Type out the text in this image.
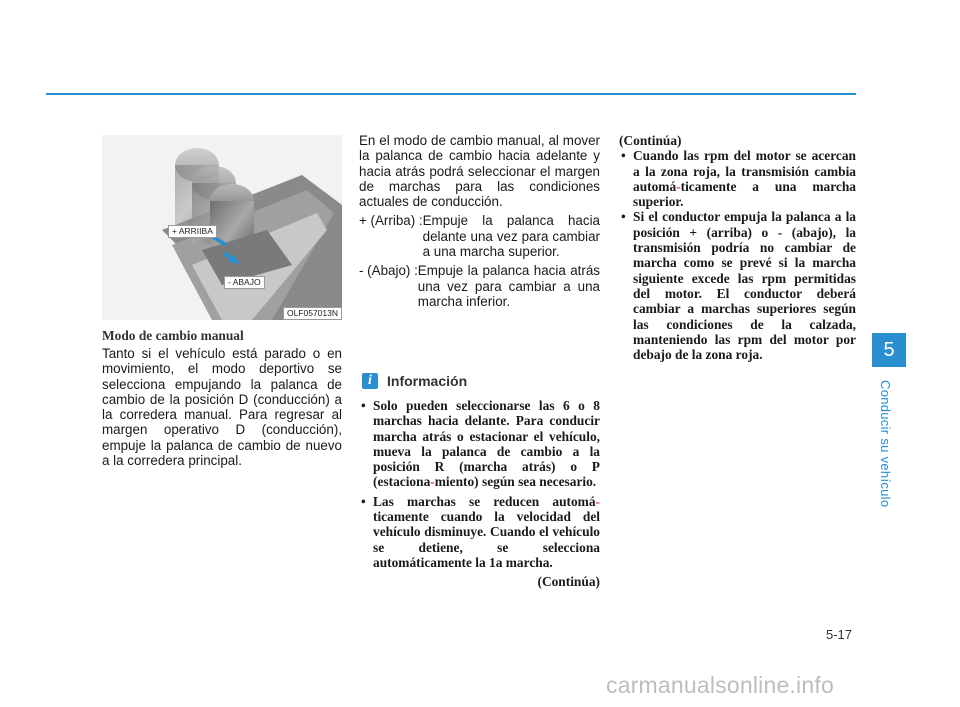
+ ARRIIBA
- ABAJO
OLF057013N
Modo de cambio manual
Tanto si el vehículo está parado o en movimiento, el modo deportivo se selecciona empujando la palanca de cambio de la posición D (conducción) a la corredera manual. Para regresar al margen operativo D (conducción), empuje la palanca de cambio de nuevo a la corredera principal.
En el modo de cambio manual, al mover la palanca de cambio hacia adelante y hacia atrás podrá seleccionar el margen de marchas para las condiciones actuales de conducción.
+ (Arriba) : Empuje la palanca hacia delante una vez para cambiar a una marcha superior.
- (Abajo) : Empuje la palanca hacia atrás una vez para cambiar a una marcha inferior.
i	Información
• Solo pueden seleccionarse las 6 o 8 marchas hacia delante. Para conducir marcha atrás o estacionar el vehículo, mueva la palanca de cambio a la posición R (marcha atrás) o P (estaciona-miento) según sea necesario.
• Las marchas se reducen automá-ticamente cuando la velocidad del vehículo disminuye. Cuando el vehículo se detiene, se selecciona automáticamente la 1a marcha.
(Continúa)
(Continúa)
• Cuando las rpm del motor se acercan a la zona roja, la transmisión cambia automá-ticamente a una marcha superior.
• Si el conductor empuja la palanca a la posición + (arriba) o - (abajo), la transmisión podría no cambiar de marcha como se prevé si la marcha siguiente excede las rpm permitidas del motor. El conductor deberá cambiar a marchas superiores según las condiciones de la calzada, manteniendo las rpm del motor por debajo de la zona roja.	5
Conducir su vehículo
5-17
carmanualsonline.info
